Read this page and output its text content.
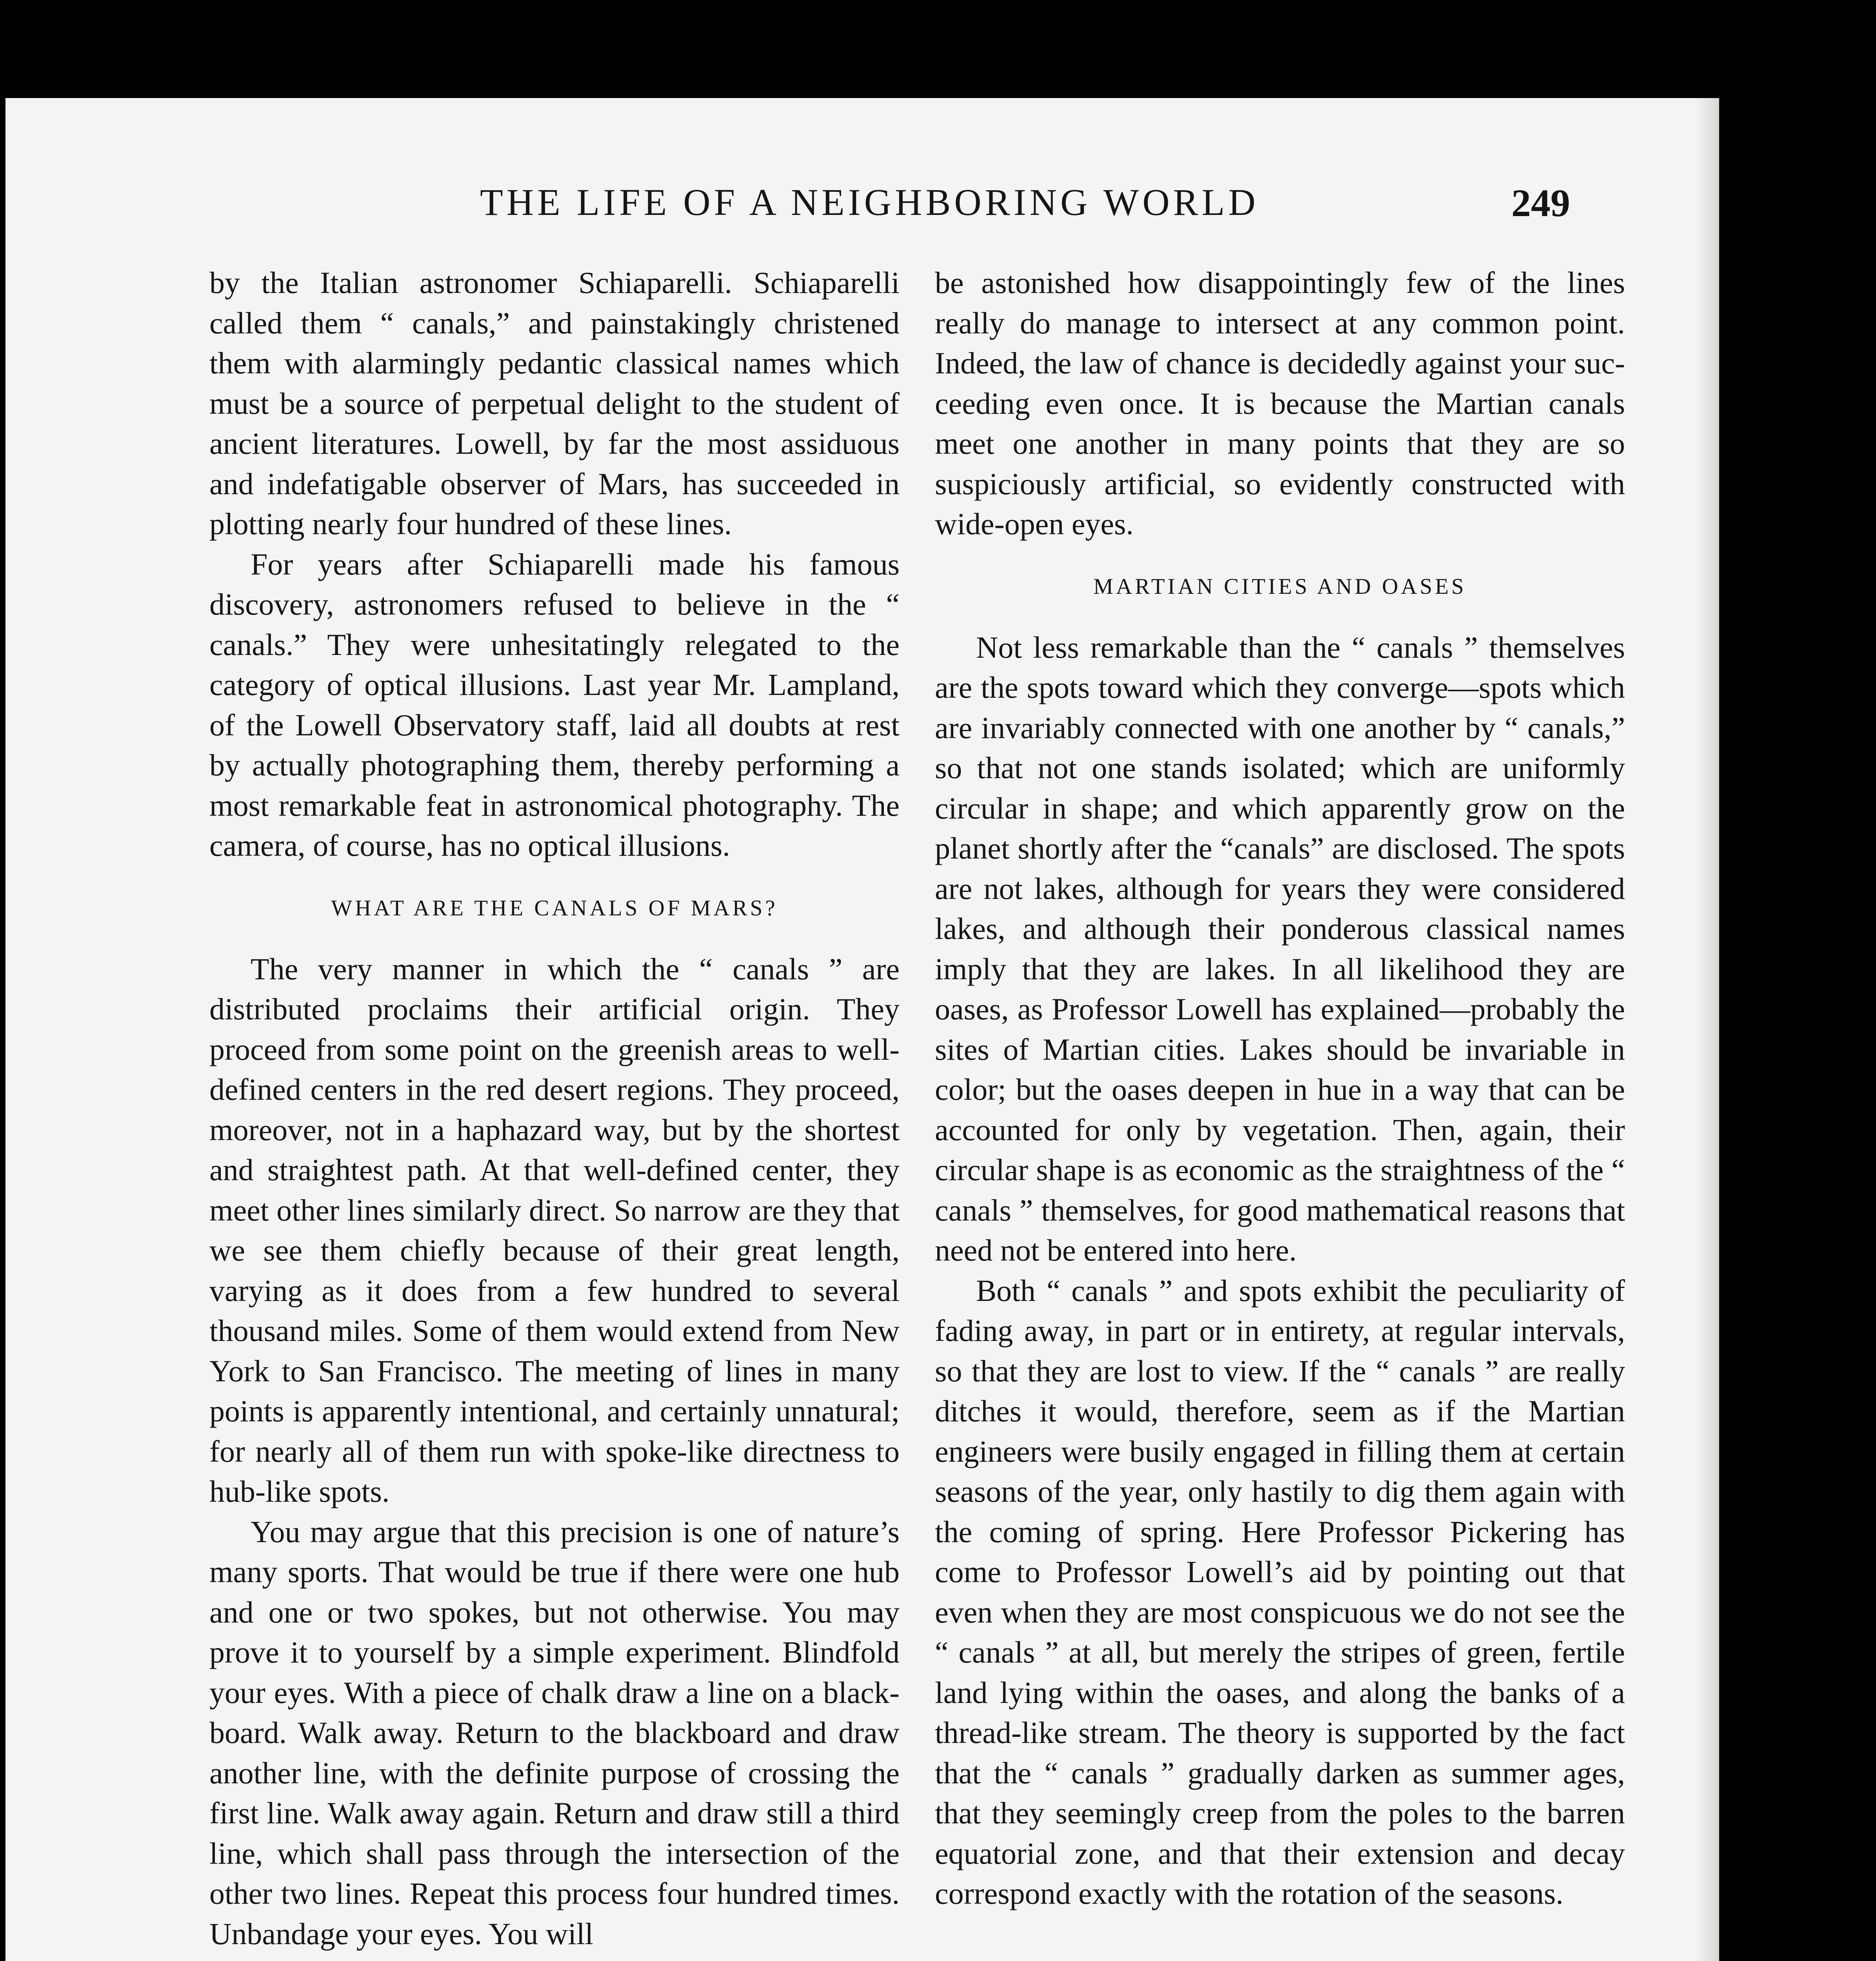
THE LIFE OF A NEIGHBORING WORLD	249

by the Italian astronomer Schiaparelli. Schiaparelli called them “ canals,” and painstakingly christened them with alarmingly pedantic classical names which must be a source of perpetual delight to the student of ancient literatures. Lowell, by far the most assiduous and indefatigable observer of Mars, has succeeded in plotting nearly four hundred of these lines.

For years after Schiaparelli made his famous discovery, astronomers refused to believe in the “ canals.” They were unhesitatingly relegated to the category of optical illusions. Last year Mr. Lampland, of the Lowell Observatory staff, laid all doubts at rest by actually photographing them, thereby performing a most remarkable feat in astronomical photography. The camera, of course, has no optical illusions.

WHAT ARE THE CANALS OF MARS?

The very manner in which the “ canals ” are distributed proclaims their artificial origin. They proceed from some point on the greenish areas to well-defined centers in the red desert regions. They proceed, moreover, not in a haphazard way, but by the shortest and straightest path. At that well-defined center, they meet other lines similarly direct. So narrow are they that we see them chiefly because of their great length, varying as it does from a few hundred to several thousand miles. Some of them would extend from New York to San Francisco. The meeting of lines in many points is apparently intentional, and certainly unnatural; for nearly all of them run with spoke-like directness to hub-like spots.

You may argue that this precision is one of nature’s many sports. That would be true if there were one hub and one or two spokes, but not otherwise. You may prove it to yourself by a simple experiment. Blindfold your eyes. With a piece of chalk draw a line on a blackboard. Walk away. Return to the blackboard and draw another line, with the definite purpose of crossing the first line. Walk away again. Return and draw still a third line, which shall pass through the intersection of the other two lines. Repeat this process four hundred times. Unbandage your eyes. You will

be astonished how disappointingly few of the lines really do manage to intersect at any common point. Indeed, the law of chance is decidedly against your succeeding even once. It is because the Martian canals meet one another in many points that they are so suspiciously artificial, so evidently constructed with wide-open eyes.

MARTIAN CITIES AND OASES

Not less remarkable than the “ canals ” themselves are the spots toward which they converge—spots which are invariably connected with one another by “ canals,” so that not one stands isolated; which are uniformly circular in shape; and which apparently grow on the planet shortly after the “canals” are disclosed. The spots are not lakes, although for years they were considered lakes, and although their ponderous classical names imply that they are lakes. In all likelihood they are oases, as Professor Lowell has explained—probably the sites of Martian cities. Lakes should be invariable in color; but the oases deepen in hue in a way that can be accounted for only by vegetation. Then, again, their circular shape is as economic as the straightness of the “ canals ” themselves, for good mathematical reasons that need not be entered into here.

Both “ canals ” and spots exhibit the peculiarity of fading away, in part or in entirety, at regular intervals, so that they are lost to view. If the “ canals ” are really ditches it would, therefore, seem as if the Martian engineers were busily engaged in filling them at certain seasons of the year, only hastily to dig them again with the coming of spring. Here Professor Pickering has come to Professor Lowell’s aid by pointing out that even when they are most conspicuous we do not see the “ canals ” at all, but merely the stripes of green, fertile land lying within the oases, and along the banks of a thread-like stream. The theory is supported by the fact that the “ canals ” gradually darken as summer ages, that they seemingly creep from the poles to the barren equatorial zone, and that their extension and decay correspond exactly with the rotation of the seasons.
